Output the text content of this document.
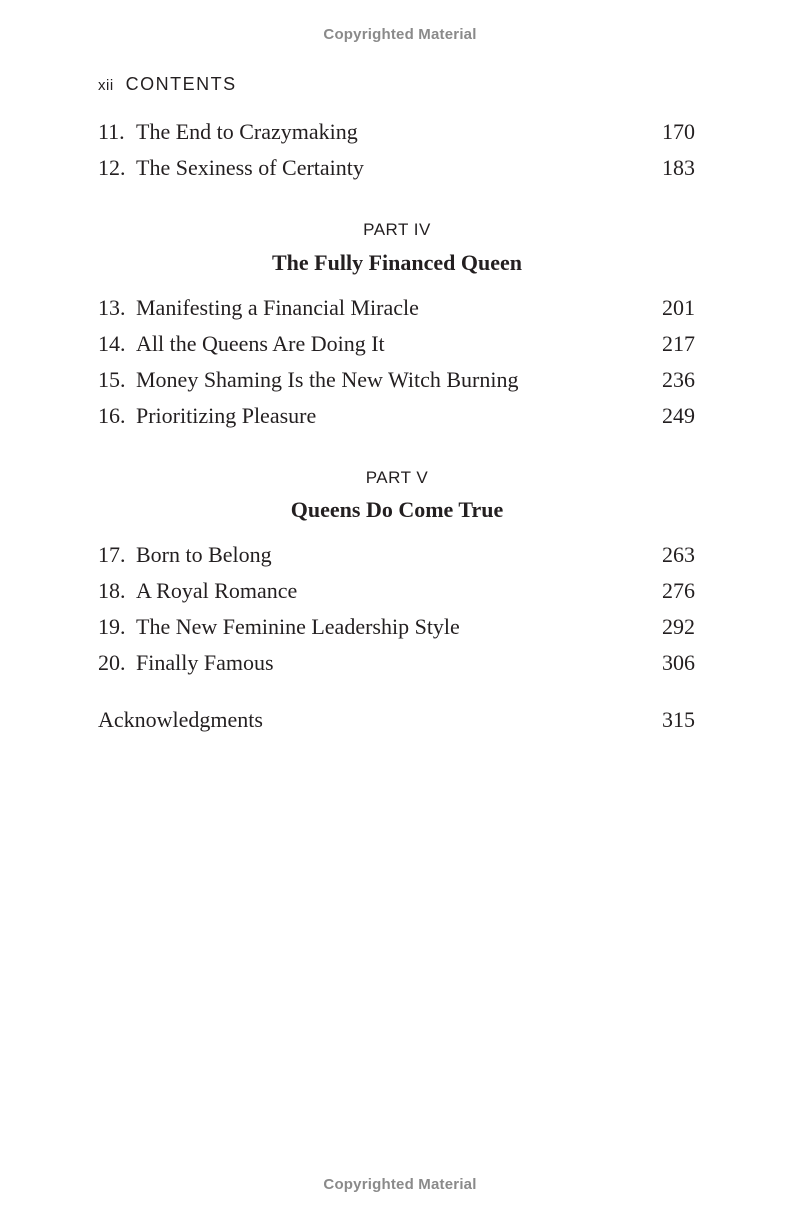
Copyrighted Material
xii CONTENTS
11. The End to Crazymaking	170
12. The Sexiness of Certainty	183
PART IV
The Fully Financed Queen
13. Manifesting a Financial Miracle	201
14. All the Queens Are Doing It	217
15. Money Shaming Is the New Witch Burning	236
16. Prioritizing Pleasure	249
PART V
Queens Do Come True
17. Born to Belong	263
18. A Royal Romance	276
19. The New Feminine Leadership Style	292
20. Finally Famous	306
Acknowledgments	315
Copyrighted Material
